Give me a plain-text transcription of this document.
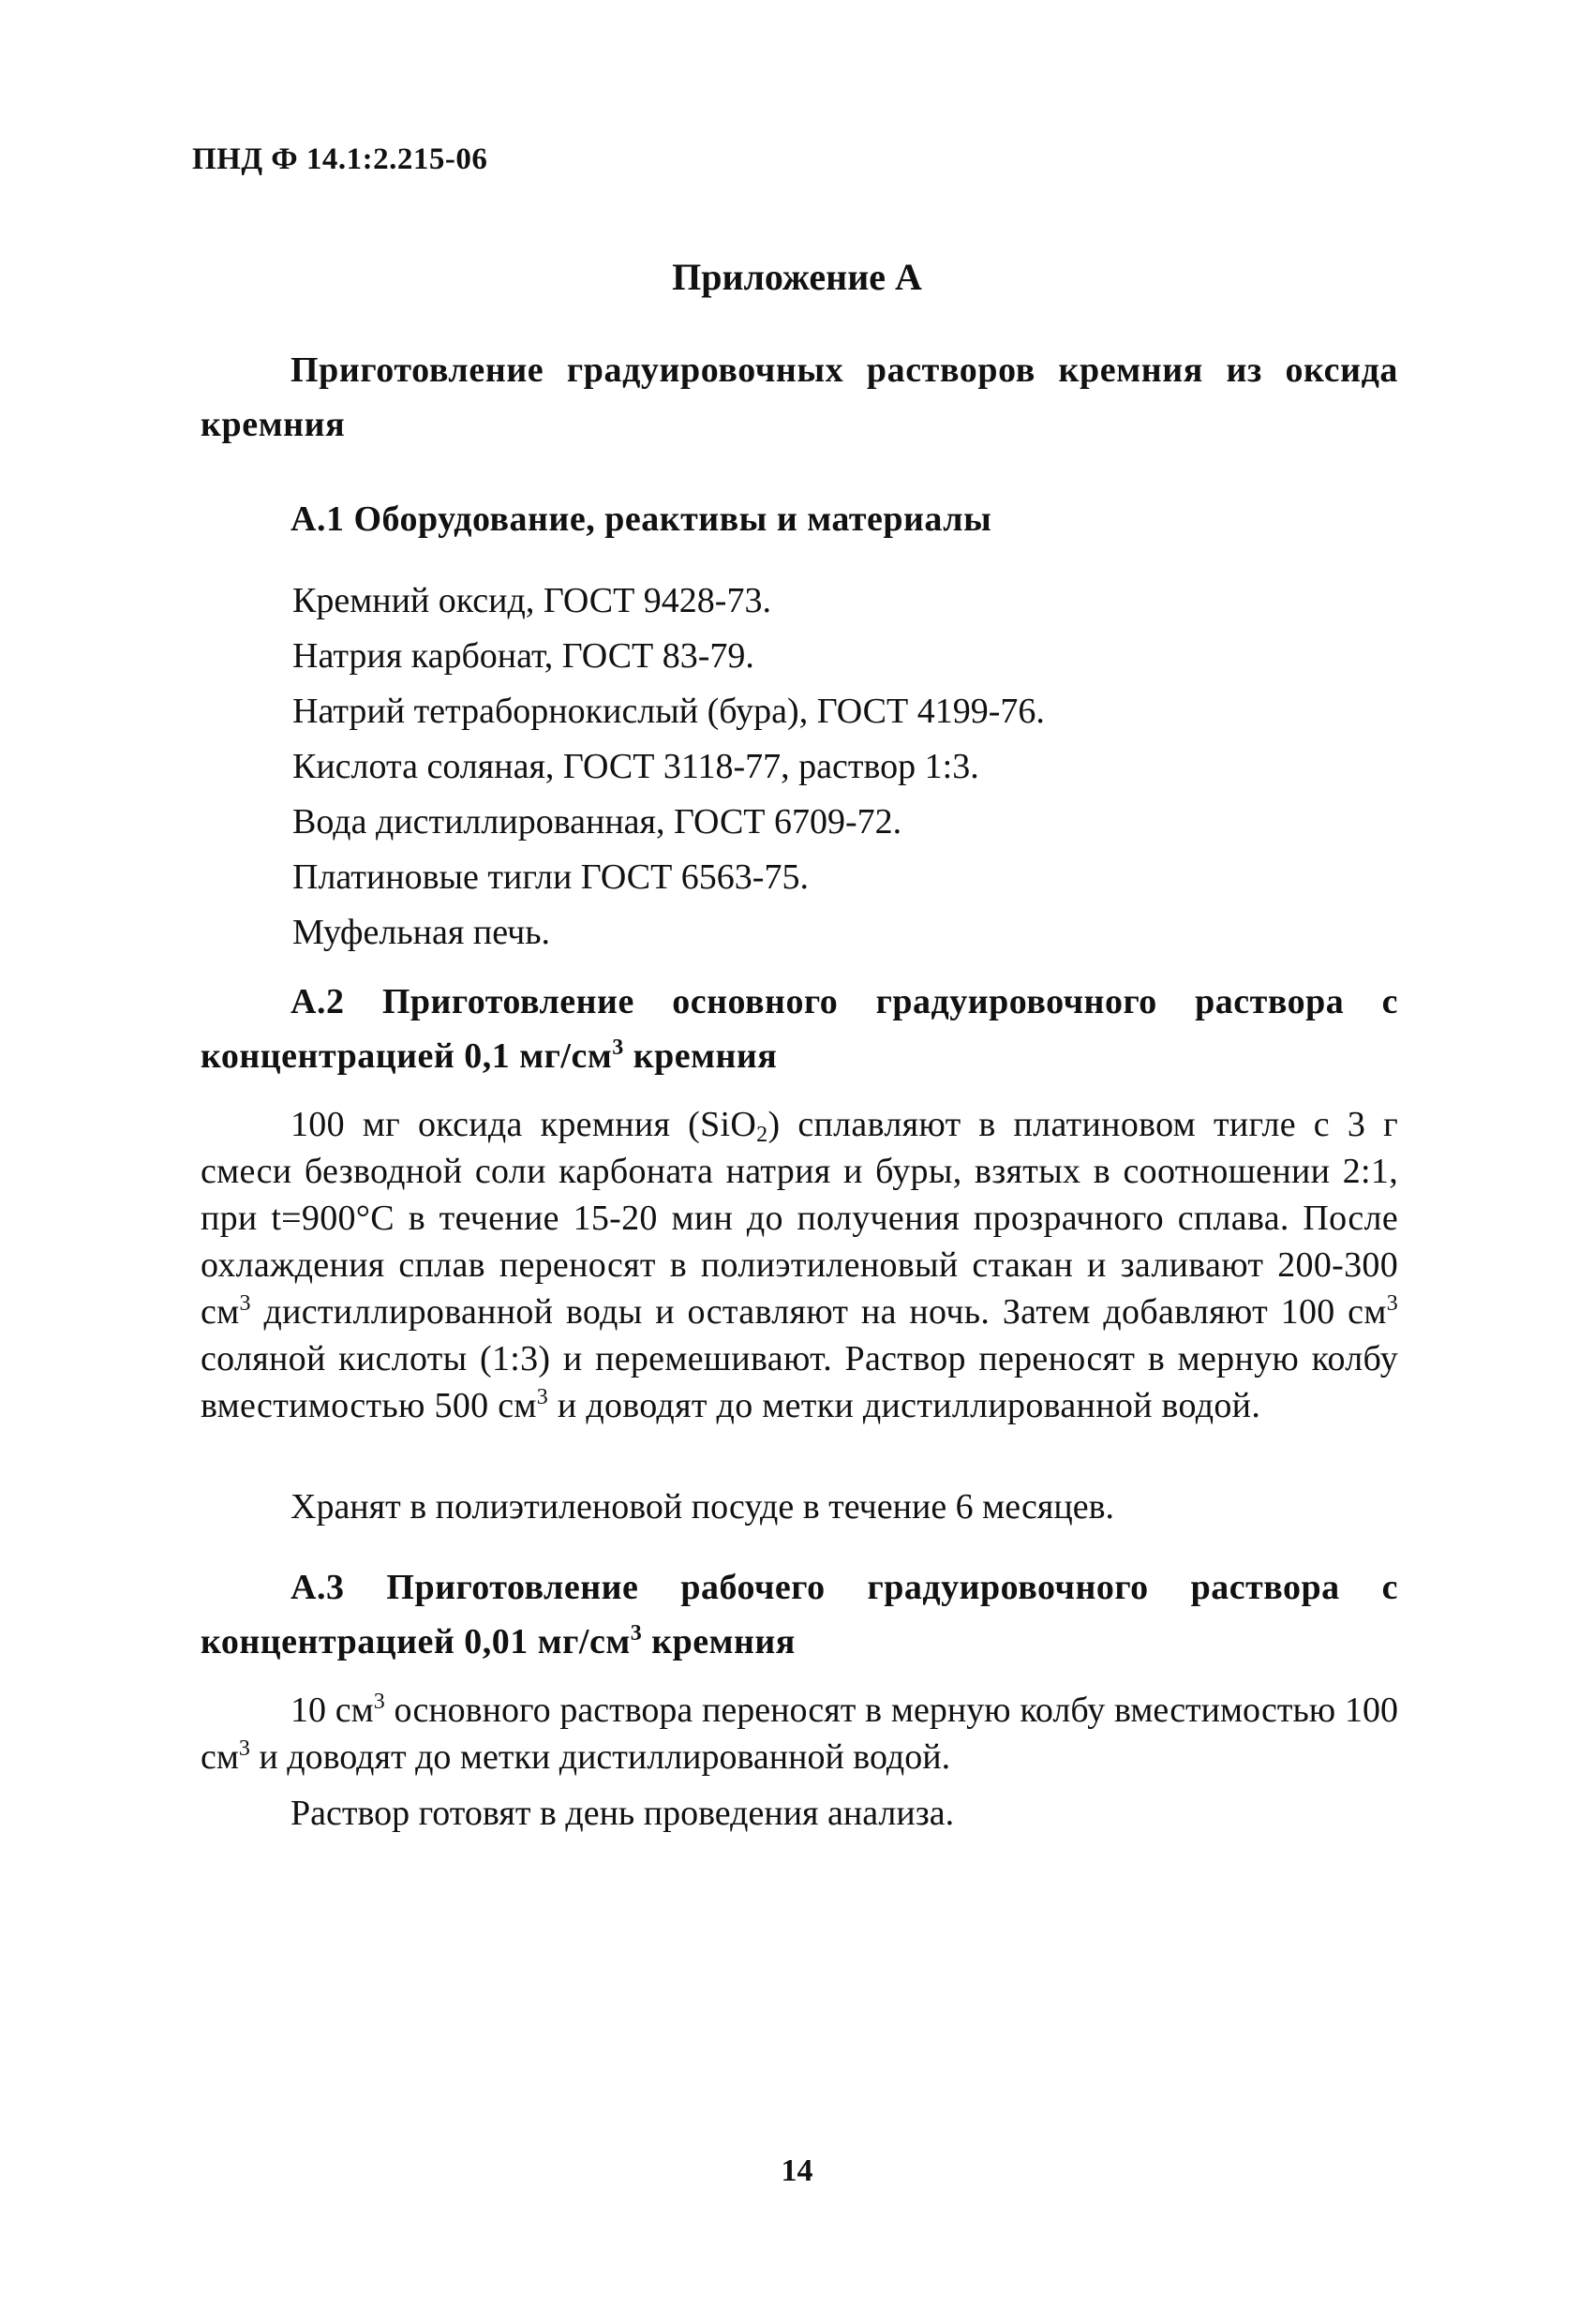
ПНД Ф 14.1:2.215-06
Приложение А
Приготовление градуировочных растворов кремния из оксида кремния
А.1 Оборудование, реактивы и материалы
Кремний оксид, ГОСТ 9428-73.
Натрия карбонат, ГОСТ 83-79.
Натрий тетраборнокислый (бура), ГОСТ 4199-76.
Кислота соляная, ГОСТ 3118-77, раствор 1:3.
Вода дистиллированная, ГОСТ 6709-72.
Платиновые тигли ГОСТ 6563-75.
Муфельная печь.
А.2 Приготовление основного градуировочного раствора с концентрацией 0,1 $мг/см^3$ кремния

100 мг оксида кремния (SiO$_2$) сплавляют в платиновом тигле с 3 г смеси безводной соли карбоната натрия и буры, взятых в соотношении 2:1, при t=900°С в течение 15-20 мин до получения прозрачного сплава. После охлаждения сплав переносят в полиэтиленовый стакан и заливают 200-300 $см^3$ дистиллированной воды и оставляют на ночь. Затем добавляют 100 $см^3$ соляной кислоты (1:3) и перемешивают. Раствор переносят в мерную колбу вместимостью 500 $см^3$ и доводят до метки дистиллированной водой.

Хранят в полиэтиленовой посуде в течение 6 месяцев.

А.3 Приготовление рабочего градуировочного раствора с концентрацией 0,01 $мг/см^3$ кремния

10 $см^3$ основного раствора переносят в мерную колбу вместимостью 100 $см^3$ и доводят до метки дистиллированной водой.

Раствор готовят в день проведения анализа.

14
